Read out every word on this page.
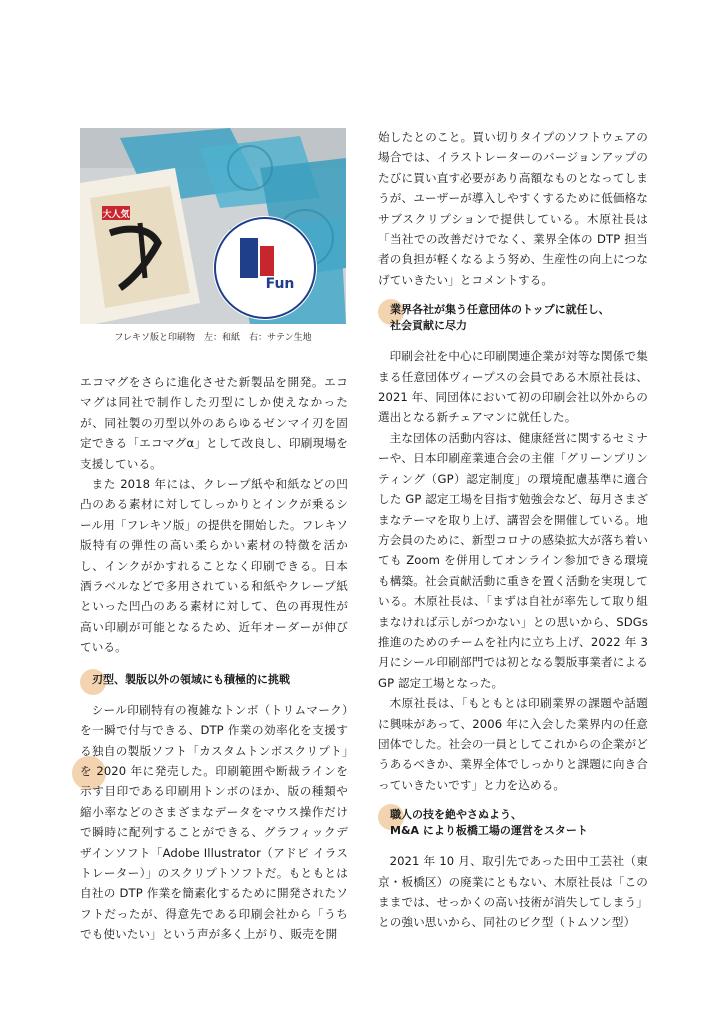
大人気
Fun
フレキソ版と印刷物　左：和紙　右：サテン生地

エコマグをさらに進化させた新製品を開発。エコマグは同社で制作した刃型にしか使えなかったが、同社製の刃型以外のあらゆるゼンマイ刃を固定できる「エコマグα」として改良し、印刷現場を支援している。

また 2018 年には、クレープ紙や和紙などの凹凸のある素材に対してしっかりとインクが乗るシール用「フレキソ版」の提供を開始した。フレキソ版特有の弾性の高い柔らかい素材の特徴を活かし、インクがかすれることなく印刷できる。日本酒ラベルなどで多用されている和紙やクレープ紙といった凹凸のある素材に対して、色の再現性が高い印刷が可能となるため、近年オーダーが伸びている。

刃型、製版以外の領域にも積極的に挑戦

シール印刷特有の複雑なトンボ（トリムマーク）を一瞬で付与できる、DTP 作業の効率化を支援する独自の製版ソフト「カスタムトンボスクリプト」を 2020 年に発売した。印刷範囲や断裁ラインを示す目印である印刷用トンボのほか、版の種類や縮小率などのさまざまなデータをマウス操作だけで瞬時に配列することができる、グラフィックデザインソフト「Adobe Illustrator（アドビ イラストレーター）」のスクリプトソフトだ。もともとは自社の DTP 作業を簡素化するために開発されたソフトだったが、得意先である印刷会社から「うちでも使いたい」という声が多く上がり、販売を開

始したとのこと。買い切りタイプのソフトウェアの場合では、イラストレーターのバージョンアップのたびに買い直す必要があり高額なものとなってしまうが、ユーザーが導入しやすくするために低価格なサブスクリプションで提供している。木原社長は「当社での改善だけでなく、業界全体の DTP 担当者の負担が軽くなるよう努め、生産性の向上につなげていきたい」とコメントする。

業界各社が集う任意団体のトップに就任し、
社会貢献に尽力

印刷会社を中心に印刷関連企業が対等な関係で集まる任意団体ヴィープスの会員である木原社長は、2021 年、同団体において初の印刷会社以外からの選出となる新チェアマンに就任した。

主な団体の活動内容は、健康経営に関するセミナーや、日本印刷産業連合会の主催「グリーンプリンティング（GP）認定制度」の環境配慮基準に適合した GP 認定工場を目指す勉強会など、毎月さまざまなテーマを取り上げ、講習会を開催している。地方会員のために、新型コロナの感染拡大が落ち着いても Zoom を併用してオンライン参加できる環境も構築。社会貢献活動に重きを置く活動を実現している。木原社長は、「まずは自社が率先して取り組まなければ示しがつかない」との思いから、SDGs 推進のためのチームを社内に立ち上げ、2022 年 3 月にシール印刷部門では初となる製版事業者による GP 認定工場となった。

木原社長は、「もともとは印刷業界の課題や話題に興味があって、2006 年に入会した業界内の任意団体でした。社会の一員としてこれからの企業がどうあるべきか、業界全体でしっかりと課題に向き合っていきたいです」と力を込める。

職人の技を絶やさぬよう、
M&A により板橋工場の運営をスタート

2021 年 10 月、取引先であった田中工芸社（東京・板橋区）の廃業にともない、木原社長は「このままでは、せっかくの高い技術が消失してしまう」との強い思いから、同社のビク型（トムソン型）
